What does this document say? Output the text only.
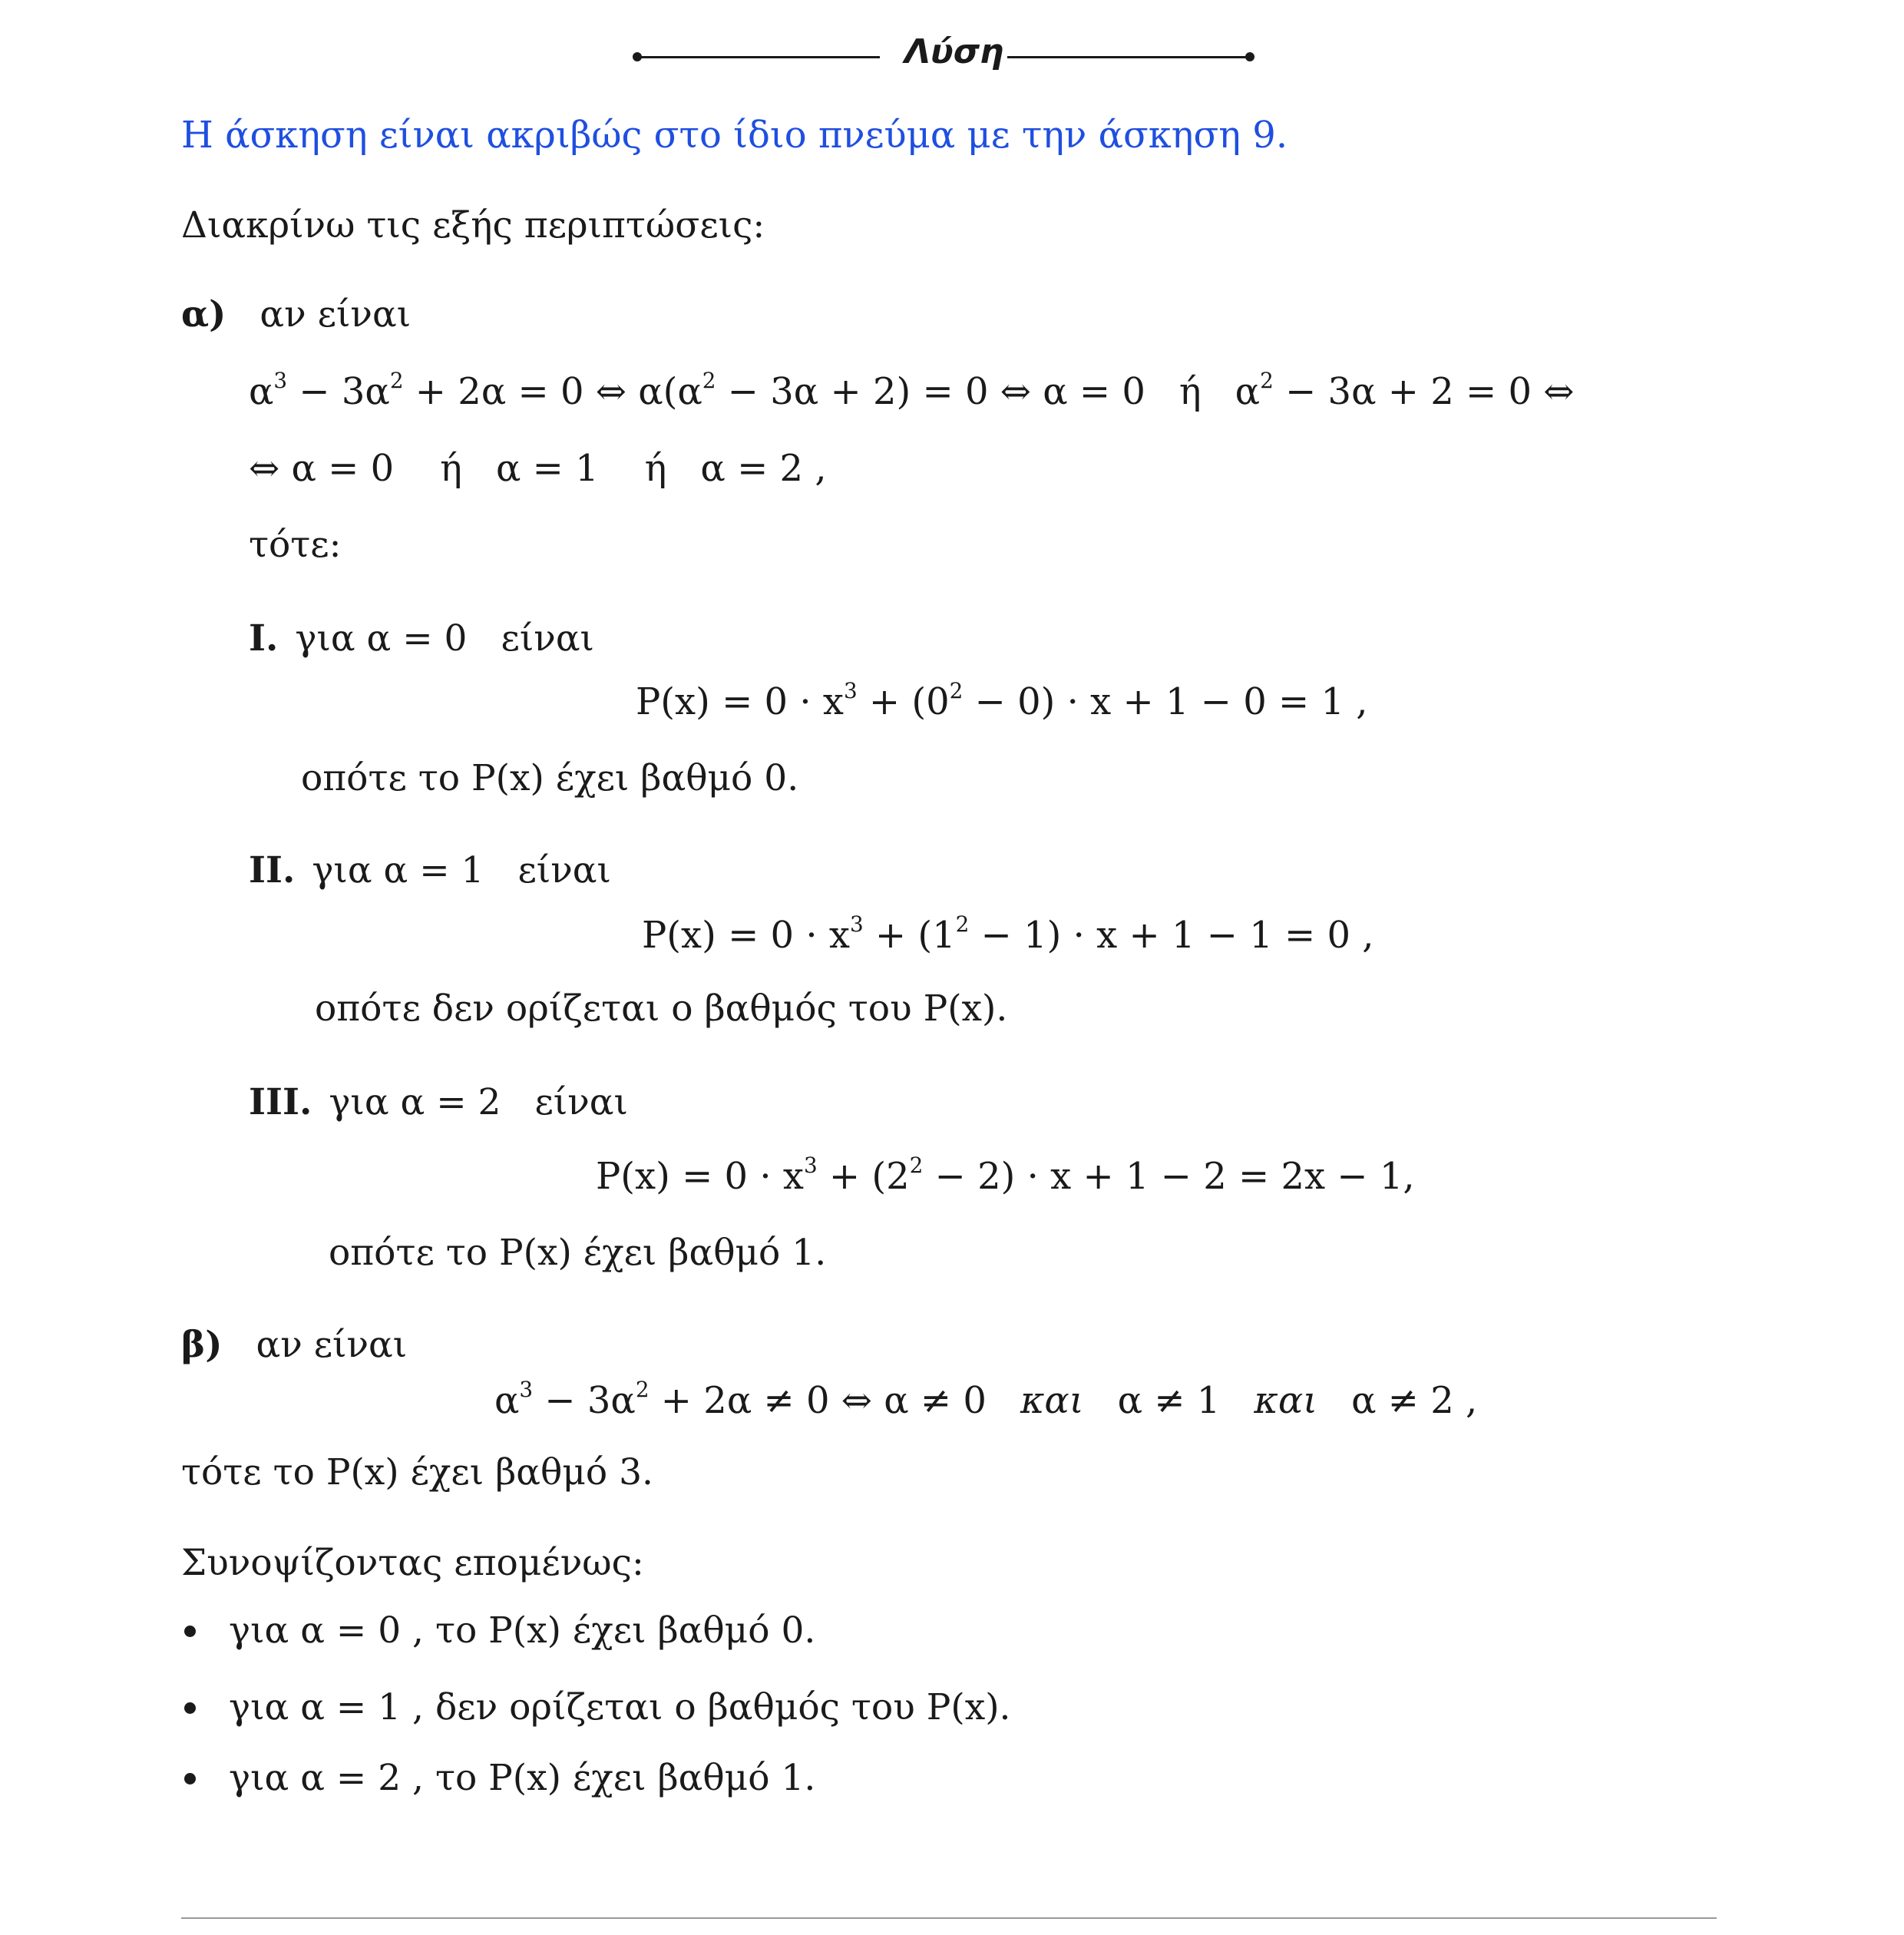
Λύση
Η άσκηση είναι ακριβώς στο ίδιο πνεύμα με την άσκηση 9.
Διακρίνω τις εξής περιπτώσεις:
α) αν είναι
$\alpha^3 - 3\alpha^2 + 2\alpha = 0$ ⇔ $\alpha(\alpha^2 - 3\alpha + 2) = 0$ ⇔ α = 0 ή $\alpha^2 - 3\alpha + 2 = 0$ ⇔
⇔ α = 0 ή α = 1 ή α = 2 ,
τότε:
I. για α = 0 είναι
$P(x) = 0 \cdot x^3 + (0^2 - 0) \cdot x + 1 - 0 = 1$ ,
οπότε το P(x) έχει βαθμό 0.
II. για α = 1 είναι
$P(x) = 0 \cdot x^3 + (1^2 - 1) \cdot x + 1 - 1 = 0$ ,
οπότε δεν ορίζεται ο βαθμός του P(x).
III. για α = 2 είναι
$P(x) = 0 \cdot x^3 + (2^2 - 2) \cdot x + 1 - 2 = 2x - 1$,
οπότε το P(x) έχει βαθμό 1.
β) αν είναι
$\alpha^3 - 3\alpha^2 + 2\alpha \ne 0$ ⇔ α ≠ 0 και α ≠ 1 και α ≠ 2 ,
τότε το P(x) έχει βαθμό 3.
Συνοψίζοντας επομένως:
για α = 0 , το P(x) έχει βαθμό 0.
για α = 1 , δεν ορίζεται ο βαθμός του P(x).
για α = 2 , το P(x) έχει βαθμό 1.
